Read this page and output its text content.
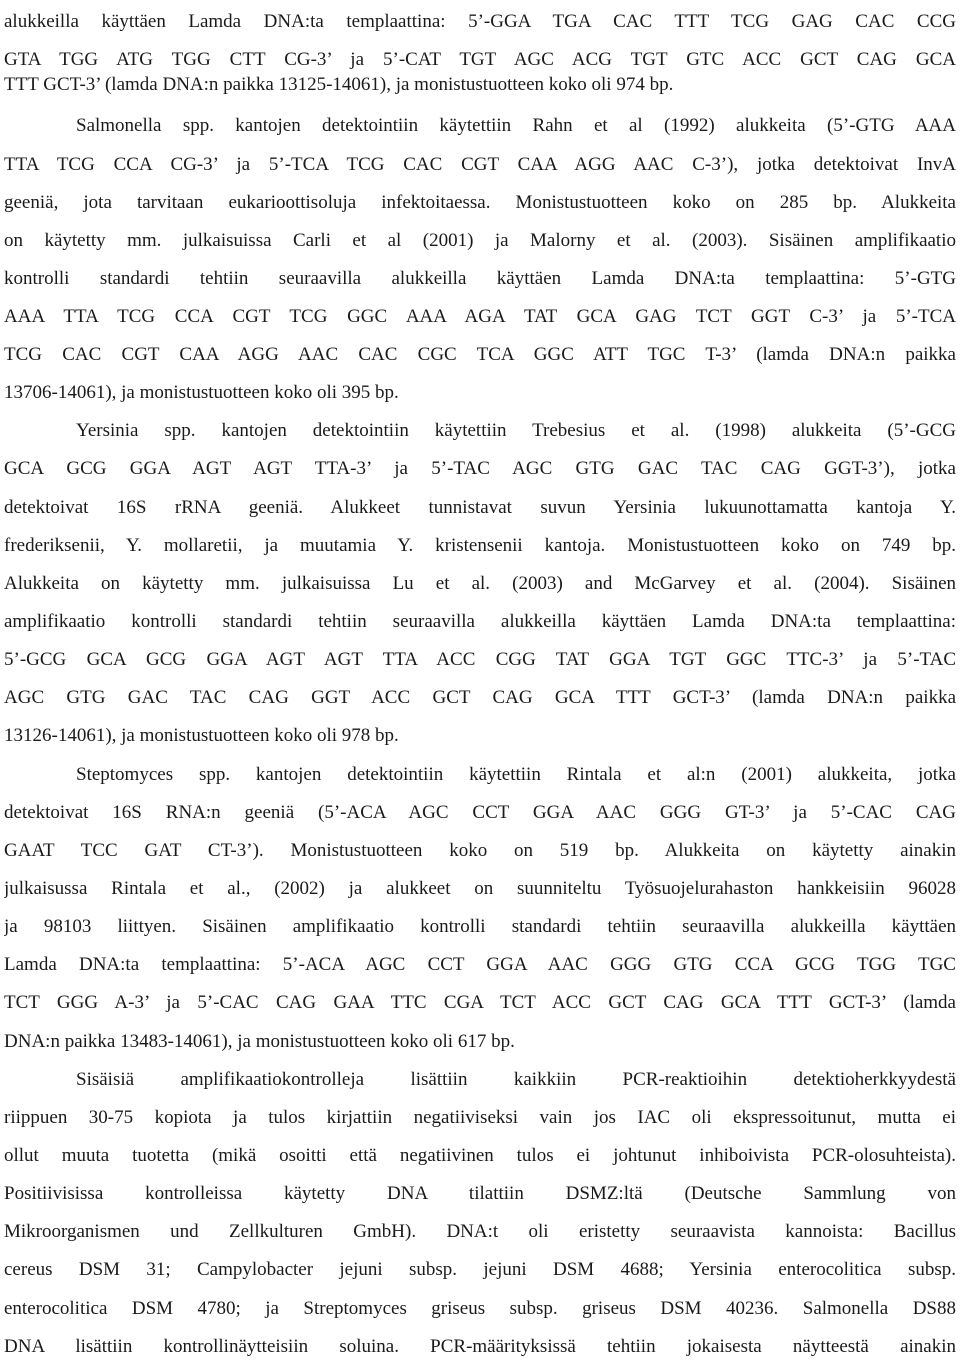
alukkeilla käyttäen Lamda DNA:ta templaattina: 5’-GGA TGA CAC TTT TCG GAG CAC CCG
GTA TGG ATG TGG CTT CG-3’ ja 5’-CAT TGT AGC ACG TGT GTC ACC GCT CAG GCA
TTT GCT-3’ (lamda DNA:n paikka 13125-14061), ja monistustuotteen koko oli 974 bp.
Salmonella spp. kantojen detektointiin käytettiin Rahn et al (1992) alukkeita (5’-GTG AAA
TTA TCG CCA CG-3’ ja 5’-TCA TCG CAC CGT CAA AGG AAC C-3’), jotka detektoivat InvA
geeniä, jota tarvitaan eukarioottisoluja infektoitaessa. Monistustuotteen koko on 285 bp. Alukkeita
on käytetty mm. julkaisuissa Carli et al (2001) ja Malorny et al. (2003). Sisäinen amplifikaatio
kontrolli standardi tehtiin seuraavilla alukkeilla käyttäen Lamda DNA:ta templaattina: 5’-GTG
AAA TTA TCG CCA CGT TCG GGC AAA AGA TAT GCA GAG TCT GGT C-3’ ja 5’-TCA
TCG CAC CGT CAA AGG AAC CAC CGC TCA GGC ATT TGC T-3’ (lamda DNA:n paikka
13706-14061), ja monistustuotteen koko oli 395 bp.
Yersinia spp. kantojen detektointiin käytettiin Trebesius et al. (1998) alukkeita (5’-GCG
GCA GCG GGA AGT AGT TTA-3’ ja 5’-TAC AGC GTG GAC TAC CAG GGT-3’), jotka
detektoivat 16S rRNA geeniä. Alukkeet tunnistavat suvun Yersinia lukuunottamatta kantoja Y.
frederiksenii, Y. mollaretii, ja muutamia Y. kristensenii kantoja. Monistustuotteen koko on 749 bp.
Alukkeita on käytetty mm. julkaisuissa Lu et al. (2003) and McGarvey et al. (2004). Sisäinen
amplifikaatio kontrolli standardi tehtiin seuraavilla alukkeilla käyttäen Lamda DNA:ta templaattina:
5’-GCG GCA GCG GGA AGT AGT TTA ACC CGG TAT GGA TGT GGC TTC-3’ ja 5’-TAC
AGC GTG GAC TAC CAG GGT ACC GCT CAG GCA TTT GCT-3’ (lamda DNA:n paikka
13126-14061), ja monistustuotteen koko oli 978 bp.
Steptomyces spp. kantojen detektointiin käytettiin Rintala et al:n (2001) alukkeita, jotka
detektoivat 16S RNA:n geeniä (5’-ACA AGC CCT GGA AAC GGG GT-3’ ja 5’-CAC CAG
GAAT TCC GAT CT-3’). Monistustuotteen koko on 519 bp. Alukkeita on käytetty ainakin
julkaisussa Rintala et al., (2002) ja alukkeet on suunniteltu Työsuojelurahaston hankkeisiin 96028
ja 98103 liittyen. Sisäinen amplifikaatio kontrolli standardi tehtiin seuraavilla alukkeilla käyttäen
Lamda DNA:ta templaattina: 5’-ACA AGC CCT GGA AAC GGG GTG CCA GCG TGG TGC
TCT GGG A-3’ ja 5’-CAC CAG GAA TTC CGA TCT ACC GCT CAG GCA TTT GCT-3’ (lamda
DNA:n paikka 13483-14061), ja monistustuotteen koko oli 617 bp.
Sisäisiä amplifikaatiokontrolleja lisättiin kaikkiin PCR-reaktioihin detektioherkkyydestä
riippuen 30-75 kopiota ja tulos kirjattiin negatiiviseksi vain jos IAC oli ekspressoitunut, mutta ei
ollut muuta tuotetta (mikä osoitti että negatiivinen tulos ei johtunut inhiboivista PCR-olosuhteista).
Positiivisissa kontrolleissa käytetty DNA tilattiin DSMZ:ltä (Deutsche Sammlung von
Mikroorganismen und Zellkulturen GmbH). DNA:t oli eristetty seuraavista kannoista: Bacillus
cereus DSM 31; Campylobacter jejuni subsp. jejuni DSM 4688; Yersinia enterocolitica subsp.
enterocolitica DSM 4780; ja Streptomyces griseus subsp. griseus DSM 40236. Salmonella DS88
DNA lisättiin kontrollinäytteisiin soluina. PCR-määrityksissä tehtiin jokaisesta näytteestä ainakin
